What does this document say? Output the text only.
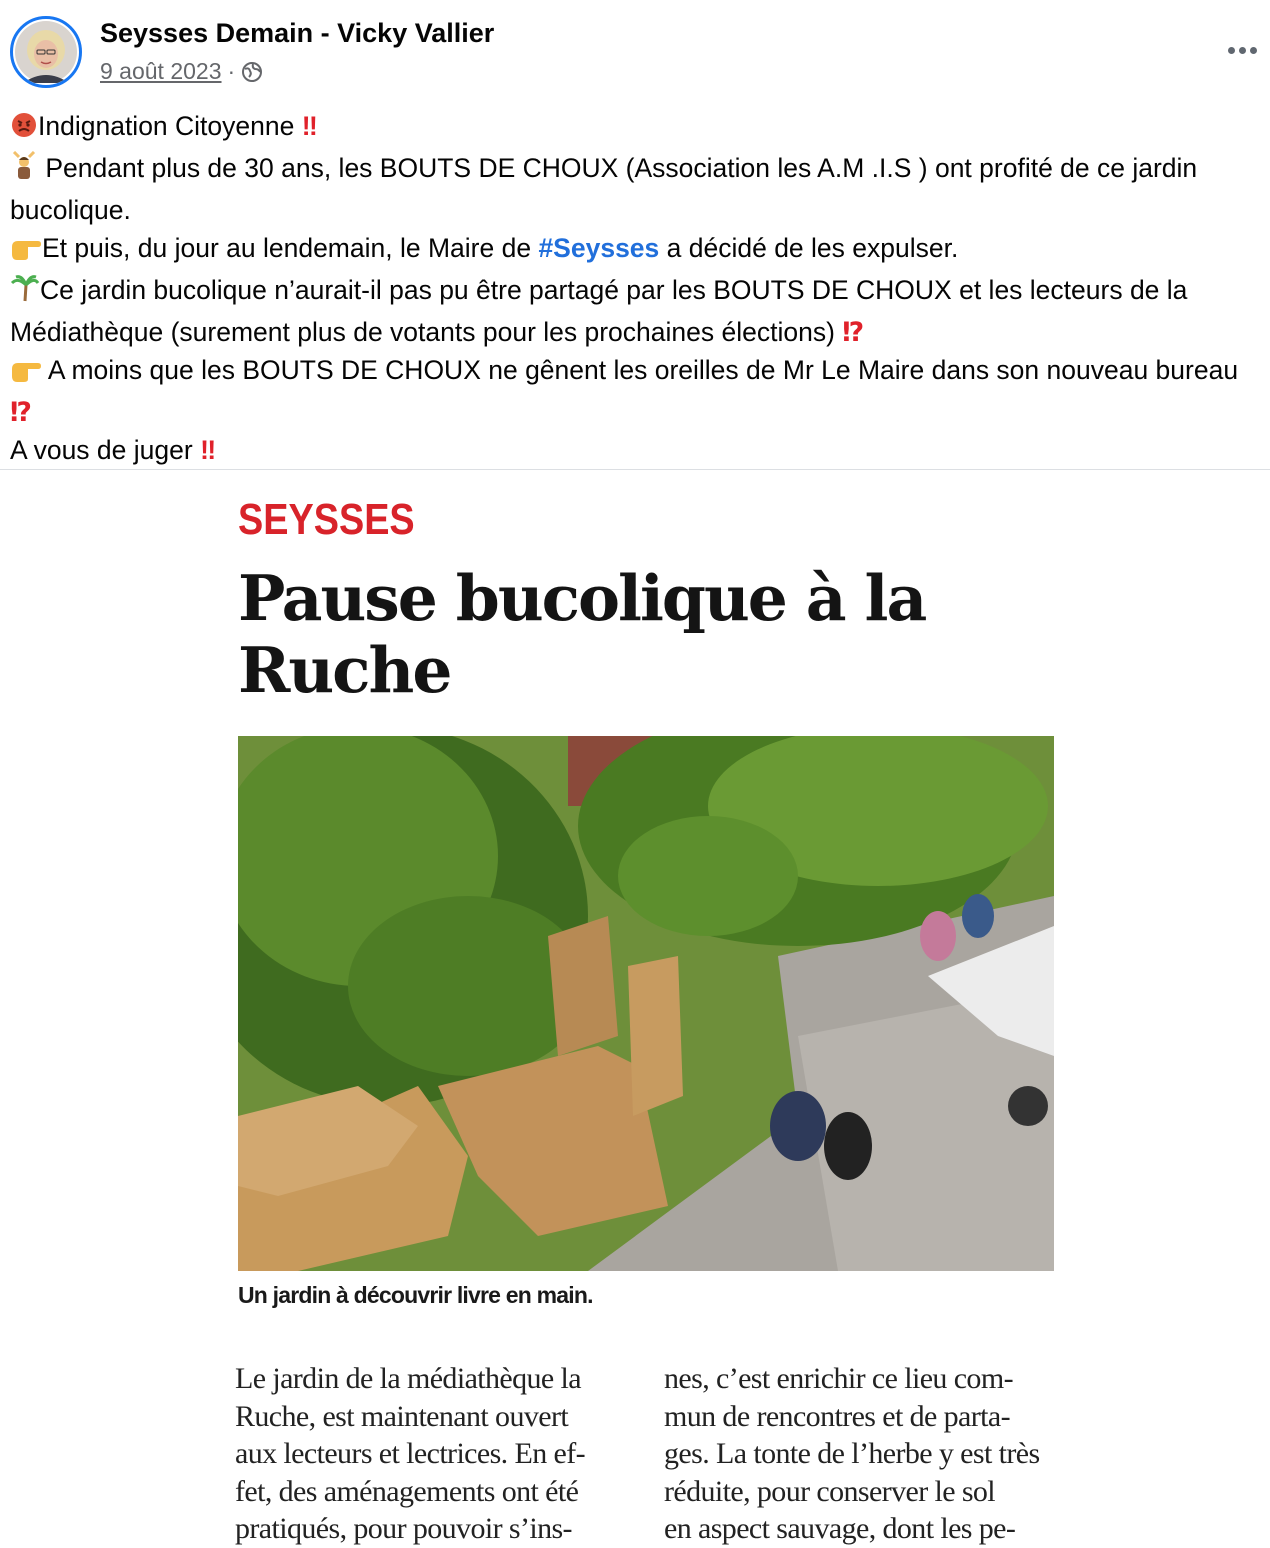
Seysses Demain - Vicky Vallier
9 août 2023 ·

Indignation Citoyenne ‼

Pendant plus de 30 ans, les BOUTS DE CHOUX (Association les A.M .I.S ) ont profité de ce jardin bucolique.

Et puis, du jour au lendemain, le Maire de #Seysses a décidé de les expulser.

Ce jardin bucolique n’aurait-il pas pu être partagé par les BOUTS DE CHOUX et les lecteurs de la Médiathèque (surement plus de votants pour les prochaines élections) ⁉

A moins que les BOUTS DE CHOUX ne gênent les oreilles de Mr Le Maire dans son nouveau bureau ⁉

A vous de juger ‼

SEYSSES
Pause bucolique à la
Ruche
Un jardin à découvrir livre en main.
Le jardin de la médiathèque la
Ruche, est maintenant ouvert
aux lecteurs et lectrices. En ef-
fet, des aménagements ont été
pratiqués, pour pouvoir s’ins-
nes, c’est enrichir ce lieu com-
mun de rencontres et de parta-
ges. La tonte de l’herbe y est très
réduite, pour conserver le sol
en aspect sauvage, dont les pe-
